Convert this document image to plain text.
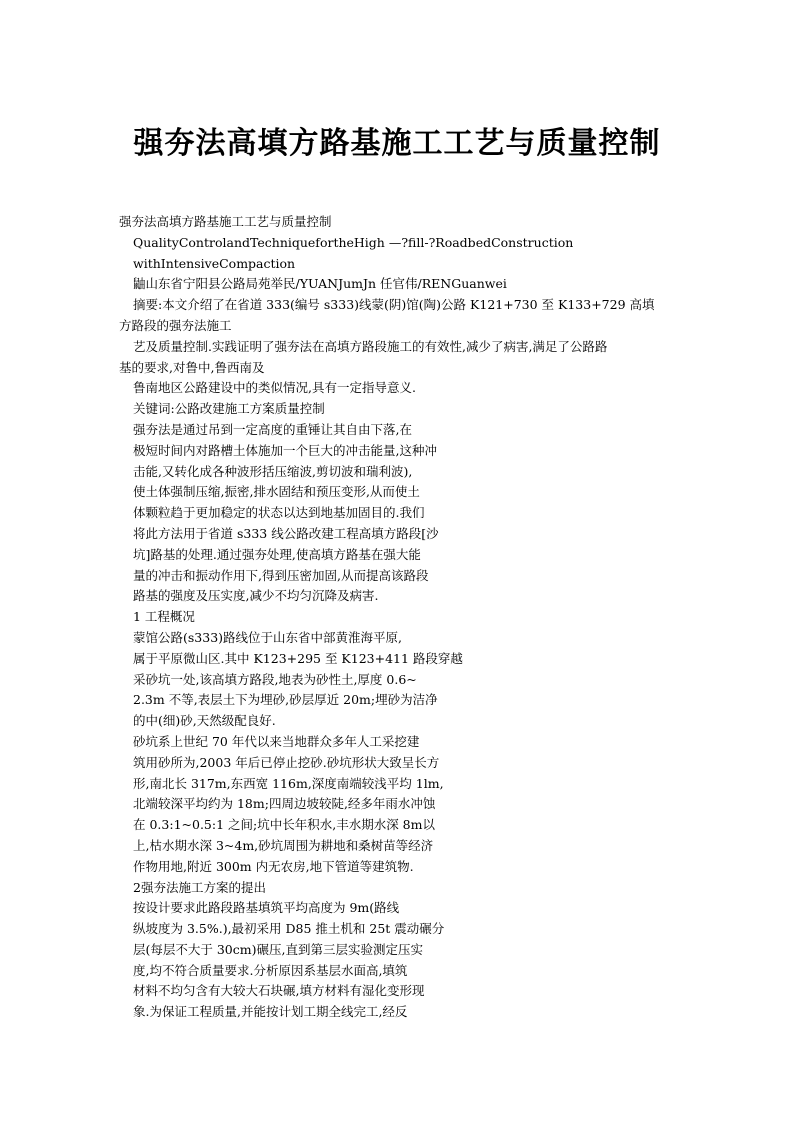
强夯法高填方路基施工工艺与质量控制
强夯法高填方路基施工工艺与质量控制
QualityControlandTechniquefortheHigh —?fill-?RoadbedConstruction
withIntensiveCompaction
鼬山东省宁阳县公路局苑举民/YUANJumJn 任官伟/RENGuanwei
摘要:本文介绍了在省道 333(编号 s333)线蒙(阴)馆(陶)公路 K121+730 至 K133+729 高填
方路段的强夯法施工
艺及质量控制.实践证明了强夯法在高填方路段施工的有效性,减少了病害,满足了公路路
基的要求,对鲁中,鲁西南及
鲁南地区公路建设中的类似情况,具有一定指导意义.
关键词:公路改建施工方案质量控制
强夯法是通过吊到一定高度的重锤让其自由下落,在
极短时间内对路槽土体施加一个巨大的冲击能量,这种冲
击能,又转化成各种波形括压缩波,剪切波和瑞利波),
使土体强制压缩,振密,排水固结和预压变形,从而使土
体颗粒趋于更加稳定的状态以达到地基加固目的.我们
将此方法用于省道 s333 线公路改建工程高填方路段[沙
坑]路基的处理.通过强夯处理,使高填方路基在强大能
量的冲击和振动作用下,得到压密加固,从而提高该路段
路基的强度及压实度,减少不均匀沉降及病害.
1 工程概况
蒙馆公路(s333)路线位于山东省中部黄淮海平原,
属于平原微山区.其中 K123+295 至 K123+411 路段穿越
采砂坑一处,该高填方路段,地表为砂性土,厚度 0.6~
2.3m 不等,表层土下为埋砂,砂层厚近 20m;埋砂为洁净
的中(细)砂,天然级配良好.
砂坑系上世纪 70 年代以来当地群众多年人工采挖建
筑用砂所为,2003 年后已停止挖砂.砂坑形状大致呈长方
形,南北长 317m,东西宽 116m,深度南端较浅平均 1lm,
北端较深平均约为 18m;四周边坡较陡,经多年雨水冲蚀
在 0.3:1~0.5:1 之间;坑中长年积水,丰水期水深 8m以
上,枯水期水深 3~4m,砂坑周围为耕地和桑树苗等经济
作物用地,附近 300m 内无农房,地下管道等建筑物.
2强夯法施工方案的提出
按设计要求此路段路基填筑平均高度为 9m(路线
纵坡度为 3.5%.),最初采用 D85 推土机和 25t 震动碾分
层(每层不大于 30cm)碾压,直到第三层实验测定压实
度,均不符合质量要求.分析原因系基层水面高,填筑
材料不均匀含有大较大石块碾,填方材料有湿化变形现
象.为保证工程质量,并能按计划工期全线完工,经反
